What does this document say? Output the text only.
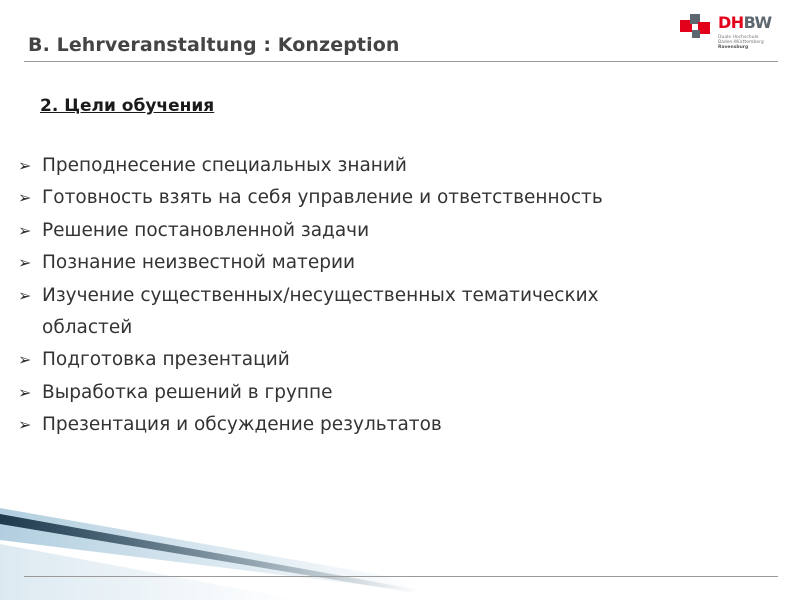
B. Lehrveranstaltung : Konzeption
DHBW
Duale Hochschule
Baden-Württemberg
Ravensburg
2. Цели обучения
➢ Преподнесение специальных знаний
➢ Готовность взять на себя управление и ответственность
➢ Решение постановленной задачи
➢ Познание неизвестной материи
➢ Изучение существенных/несущественных тематических
областей
➢ Подготовка презентаций
➢ Выработка решений в группе
➢ Презентация и обсуждение результатов
